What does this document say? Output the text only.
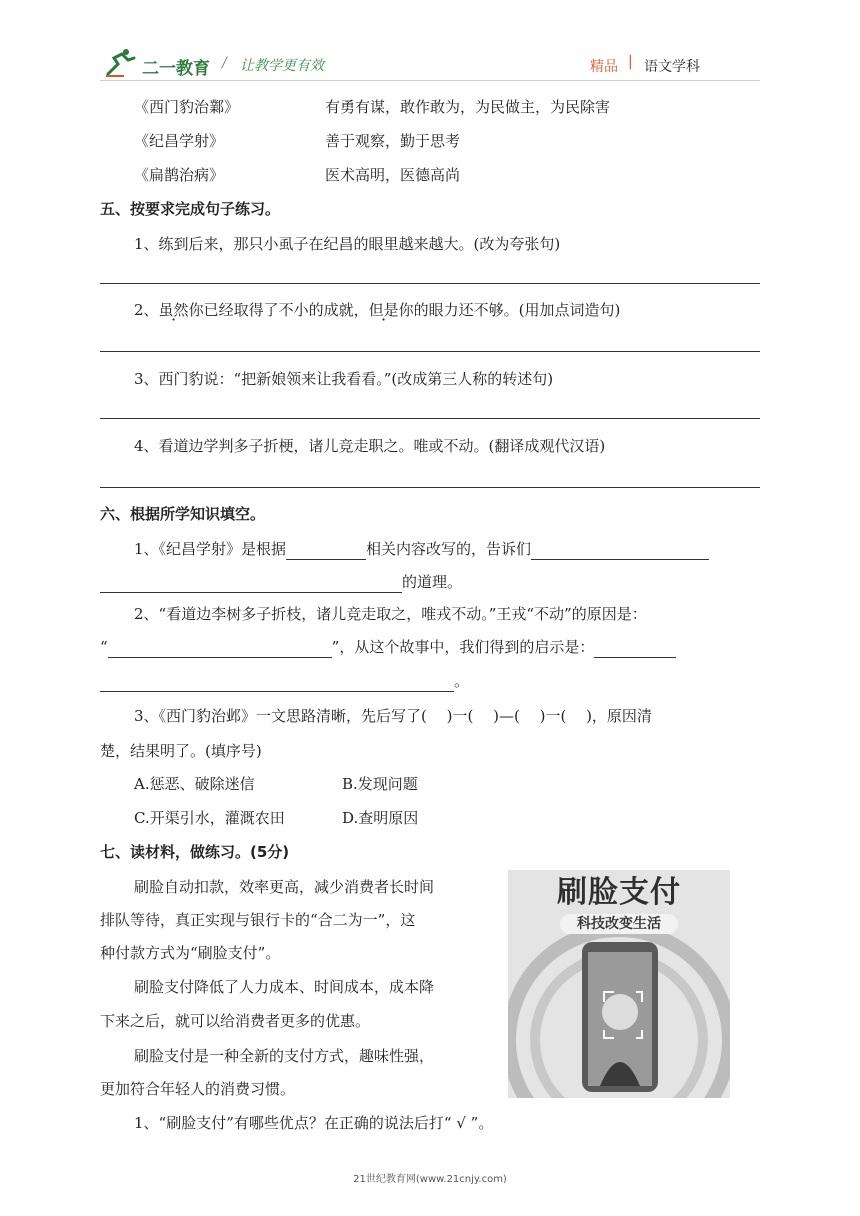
二一教育 / 让教学更有效	精品 | 语文学科
《西门豹治鄴》	有勇有谋，敢作敢为，为民做主，为民除害
《纪昌学射》	善于观察，勤于思考
《扁鹊治病》	医术高明，医德高尚
五、按要求完成句子练习。
1、练到后来，那只小虱子在纪昌的眼里越来越大。(改为夸张句)
2、虽然你已经取得了不小的成就，但是你的眼力还不够。(用加点词造句)
3、西门豹说：“把新娘领来让我看看。”(改成第三人称的转述句)
4、看道边学判多子折梗，诸儿竞走职之。唯或不动。(翻译成观代汉语)
六、根据所学知识填空。
1、《纪昌学射》是根据	相关内容改写的，告诉们
的道理。
2、“看道边李树多子折枝，诸儿竞走取之，唯戎不动。”王戎“不动”的原因是：
“	”，从这个故事中，我们得到的启示是：
。
3、《西门豹治邺》一文思路清晰，先后写了(　 )一(　 )—(　 )一(　 )，原因清
楚，结果明了。(填序号)
A.惩恶、破除迷信	B.发现问题
C.开渠引水，灌溉农田	D.查明原因
七、读材料，做练习。(5分)
刷脸自动扣款，效率更高，减少消费者长时间
排队等待，真正实现与银行卡的“合二为一”，这
种付款方式为“刷脸支付”。
刷脸支付降低了人力成本、时间成本，成本降
下来之后，就可以给消费者更多的优惠。
刷脸支付是一种全新的支付方式，趣味性强，
更加符合年轻人的消费习惯。
刷脸支付
科技改变生活
1、“刷脸支付”有哪些优点？在正确的说法后打“ √ ”。
21世纪教育网(www.21cnjy.com)
